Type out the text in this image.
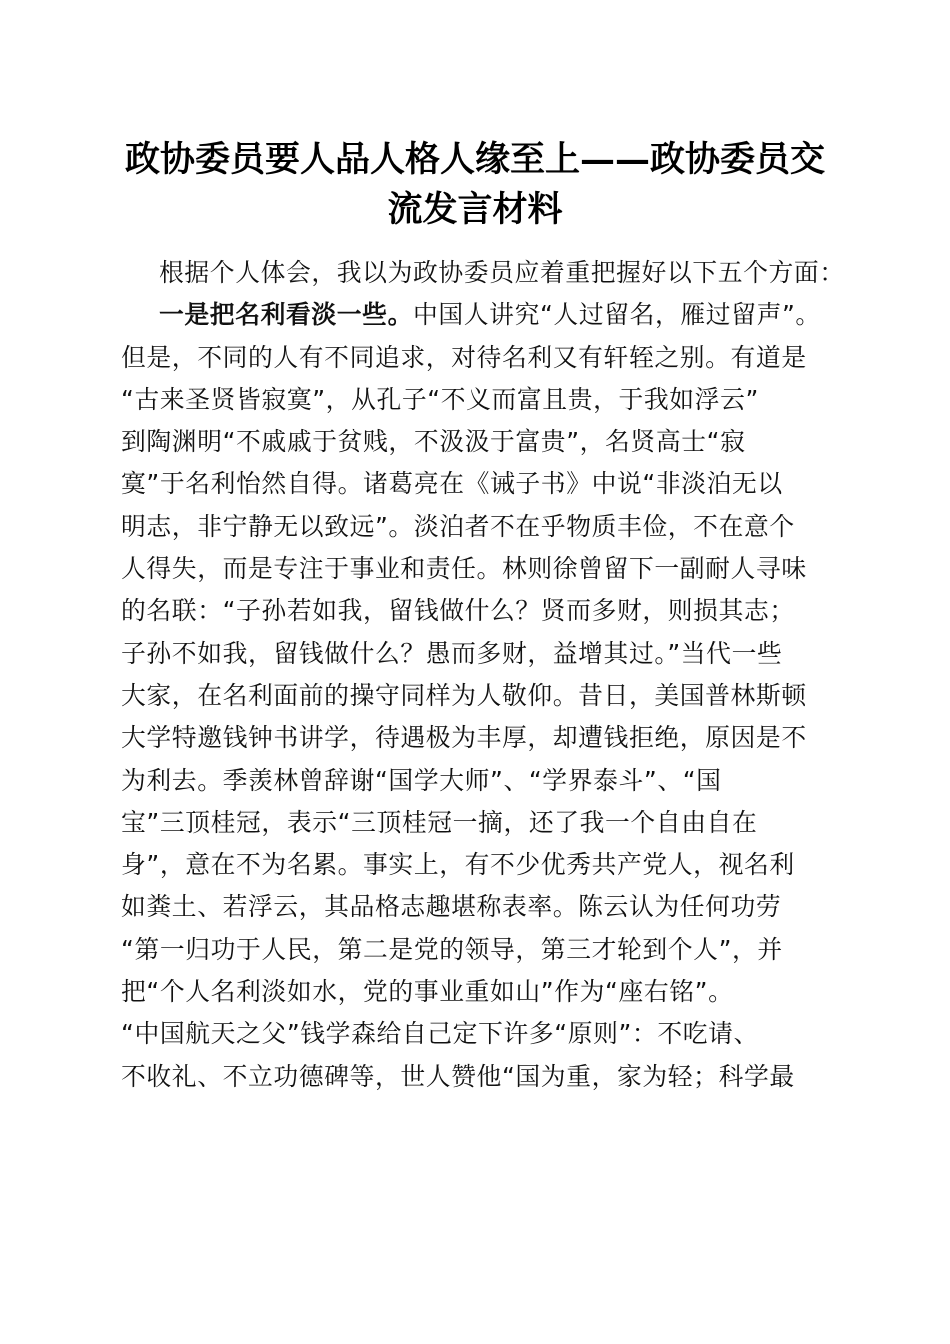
政协委员要人品人格人缘至上——政协委员交
流发言材料
根据个人体会，我以为政协委员应着重把握好以下五个方面：
一是把名利看淡一些。中国人讲究“人过留名，雁过留声”。
但是，不同的人有不同追求，对待名利又有轩轾之别。有道是
“古来圣贤皆寂寞”，从孔子“不义而富且贵，于我如浮云”
到陶渊明“不戚戚于贫贱，不汲汲于富贵”，名贤高士“寂
寞”于名利怡然自得。诸葛亮在《诫子书》中说“非淡泊无以
明志，非宁静无以致远”。淡泊者不在乎物质丰俭，不在意个
人得失，而是专注于事业和责任。林则徐曾留下一副耐人寻味
的名联：“子孙若如我，留钱做什么？贤而多财，则损其志；
子孙不如我，留钱做什么？愚而多财，益增其过。”当代一些
大家，在名利面前的操守同样为人敬仰。昔日，美国普林斯顿
大学特邀钱钟书讲学，待遇极为丰厚，却遭钱拒绝，原因是不
为利去。季羡林曾辞谢“国学大师”、“学界泰斗”、“国
宝”三顶桂冠，表示“三顶桂冠一摘，还了我一个自由自在
身”，意在不为名累。事实上，有不少优秀共产党人，视名利
如粪土、若浮云，其品格志趣堪称表率。陈云认为任何功劳
“第一归功于人民，第二是党的领导，第三才轮到个人”，并
把“个人名利淡如水，党的事业重如山”作为“座右铭”。
“中国航天之父”钱学森给自己定下许多“原则”：不吃请、
不收礼、不立功德碑等，世人赞他“国为重，家为轻；科学最
